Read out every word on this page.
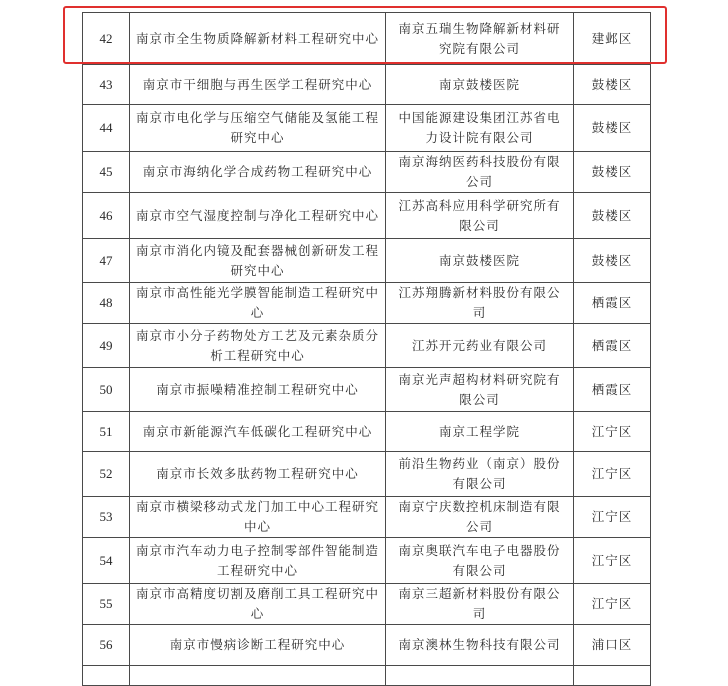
42	南京市全生物质降解新材料工程研究中心	南京五瑞生物降解新材料研究院有限公司	建邺区
43	南京市干细胞与再生医学工程研究中心	南京鼓楼医院	鼓楼区
44	南京市电化学与压缩空气储能及氢能工程研究中心	中国能源建设集团江苏省电力设计院有限公司	鼓楼区
45	南京市海纳化学合成药物工程研究中心	南京海纳医药科技股份有限公司	鼓楼区
46	南京市空气湿度控制与净化工程研究中心	江苏高科应用科学研究所有限公司	鼓楼区
47	南京市消化内镜及配套器械创新研发工程研究中心	南京鼓楼医院	鼓楼区
48	南京市高性能光学膜智能制造工程研究中心	江苏翔腾新材料股份有限公司	栖霞区
49	南京市小分子药物处方工艺及元素杂质分析工程研究中心	江苏开元药业有限公司	栖霞区
50	南京市振噪精准控制工程研究中心	南京光声超构材料研究院有限公司	栖霞区
51	南京市新能源汽车低碳化工程研究中心	南京工程学院	江宁区
52	南京市长效多肽药物工程研究中心	前沿生物药业（南京）股份有限公司	江宁区
53	南京市横梁移动式龙门加工中心工程研究中心	南京宁庆数控机床制造有限公司	江宁区
54	南京市汽车动力电子控制零部件智能制造工程研究中心	南京奥联汽车电子电器股份有限公司	江宁区
55	南京市高精度切割及磨削工具工程研究中心	南京三超新材料股份有限公司	江宁区
56	南京市慢病诊断工程研究中心	南京澳林生物科技有限公司	浦口区
